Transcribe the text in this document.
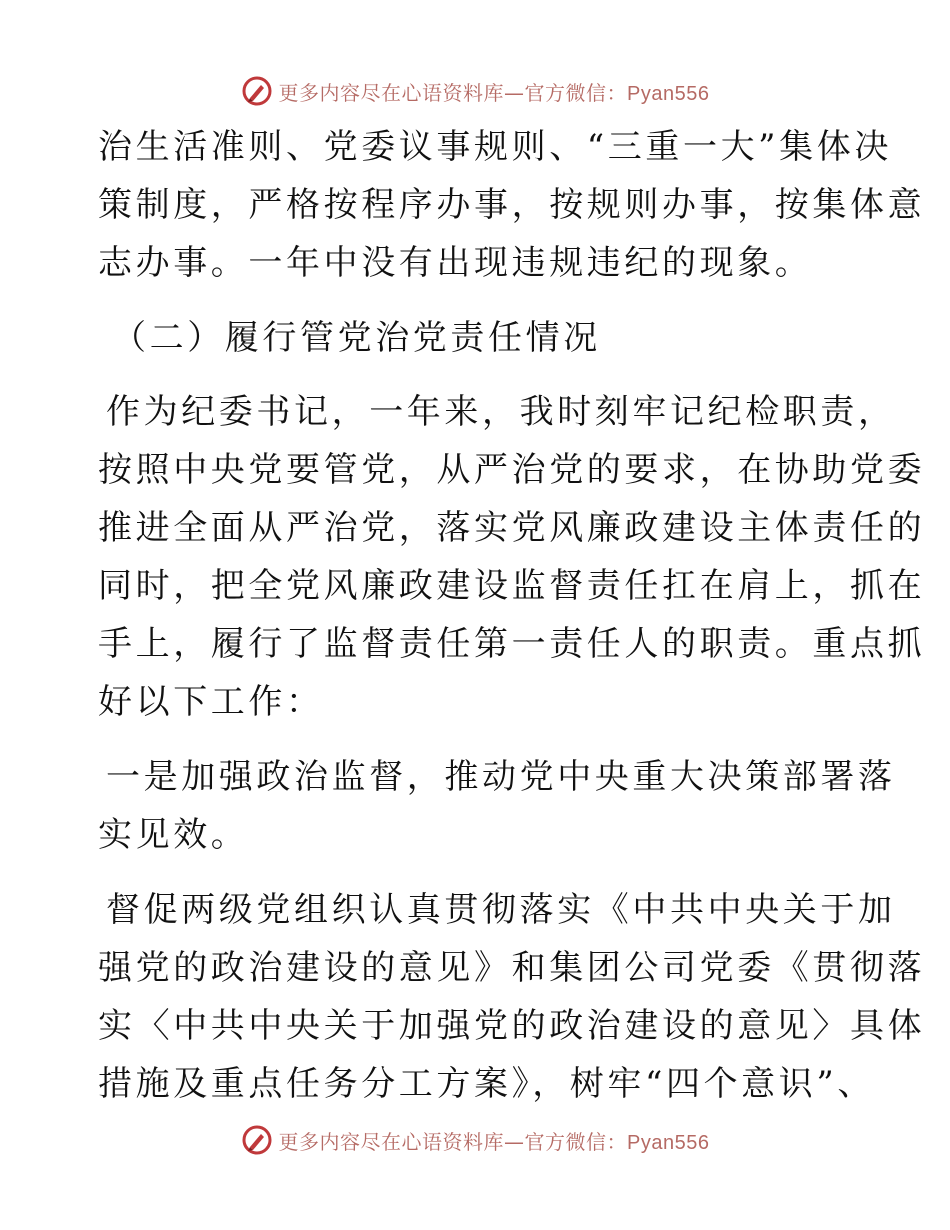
更多内容尽在心语资料库—官方微信：Pyan556
治生活准则、党委议事规则、“三重一大”集体决
策制度，严格按程序办事，按规则办事，按集体意
志办事。一年中没有出现违规违纪的现象。
（二）履行管党治党责任情况
作为纪委书记，一年来，我时刻牢记纪检职责，
按照中央党要管党，从严治党的要求，在协助党委
推进全面从严治党，落实党风廉政建设主体责任的
同时，把全党风廉政建设监督责任扛在肩上，抓在
手上，履行了监督责任第一责任人的职责。重点抓
好以下工作：
一是加强政治监督，推动党中央重大决策部署落
实见效。
督促两级党组织认真贯彻落实《中共中央关于加
强党的政治建设的意见》和集团公司党委《贯彻落
实〈中共中央关于加强党的政治建设的意见〉具体
措施及重点任务分工方案》，树牢“四个意识”、
更多内容尽在心语资料库—官方微信：Pyan556
